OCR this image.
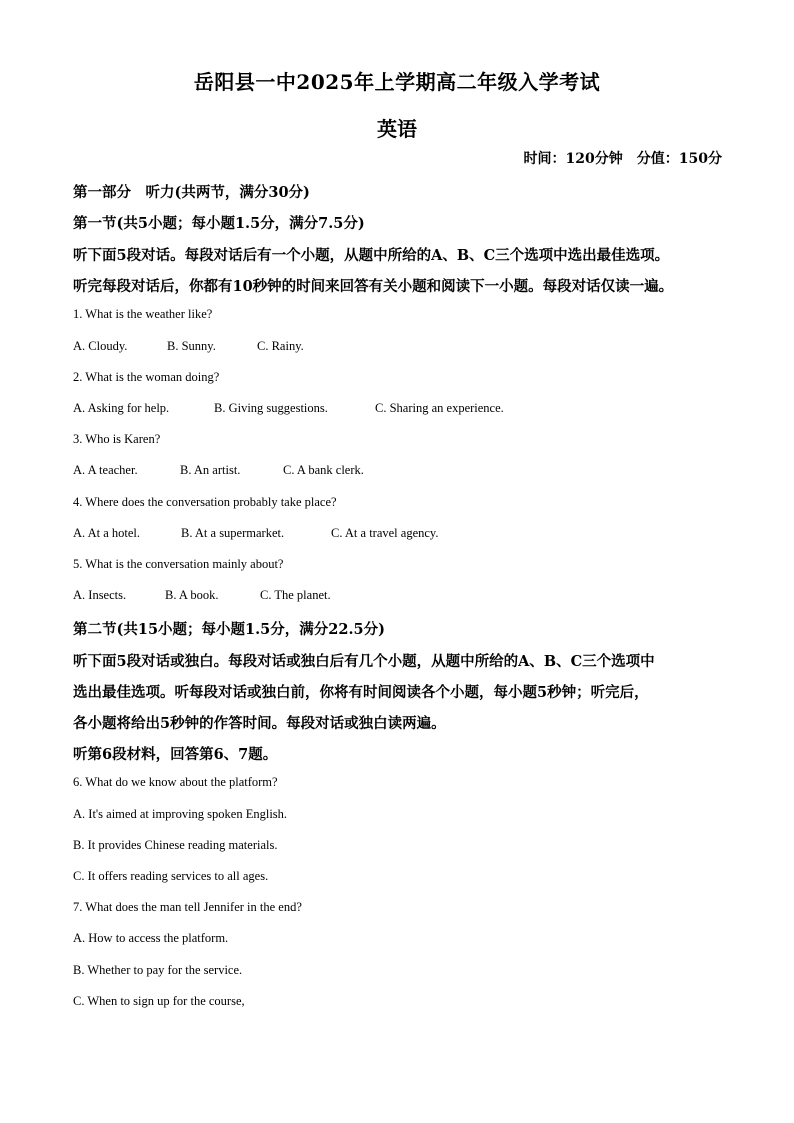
岳阳县一中2025年上学期高二年级入学考试
英语
时间：120分钟 分值：150分
第一部分　听力(共两节，满分30分)
第一节(共5小题；每小题1.5分，满分7.5分)
听下面5段对话。每段对话后有一个小题，从题中所给的A、B、C三个选项中选出最佳选项。
听完每段对话后，你都有10秒钟的时间来回答有关小题和阅读下一小题。每段对话仅读一遍。
1. What is the weather like?
A. Cloudy.	B. Sunny.	C. Rainy.
2. What is the woman doing?
A. Asking for help.	B. Giving suggestions.	C. Sharing an experience.
3. Who is Karen?
A. A teacher.	B. An artist.	C. A bank clerk.
4. Where does the conversation probably take place?
A. At a hotel.	B. At a supermarket.	C. At a travel agency.
5. What is the conversation mainly about?
A. Insects.	B. A book.	C. The planet.
第二节(共15小题；每小题1.5分，满分22.5分)
听下面5段对话或独白。每段对话或独白后有几个小题，从题中所给的A、B、C三个选项中
选出最佳选项。听每段对话或独白前，你将有时间阅读各个小题，每小题5秒钟；听完后，
各小题将给出5秒钟的作答时间。每段对话或独白读两遍。
听第6段材料，回答第6、7题。
6. What do we know about the platform?
A. It's aimed at improving spoken English.
B. It provides Chinese reading materials.
C. It offers reading services to all ages.
7. What does the man tell Jennifer in the end?
A. How to access the platform.
B. Whether to pay for the service.
C. When to sign up for the course,
